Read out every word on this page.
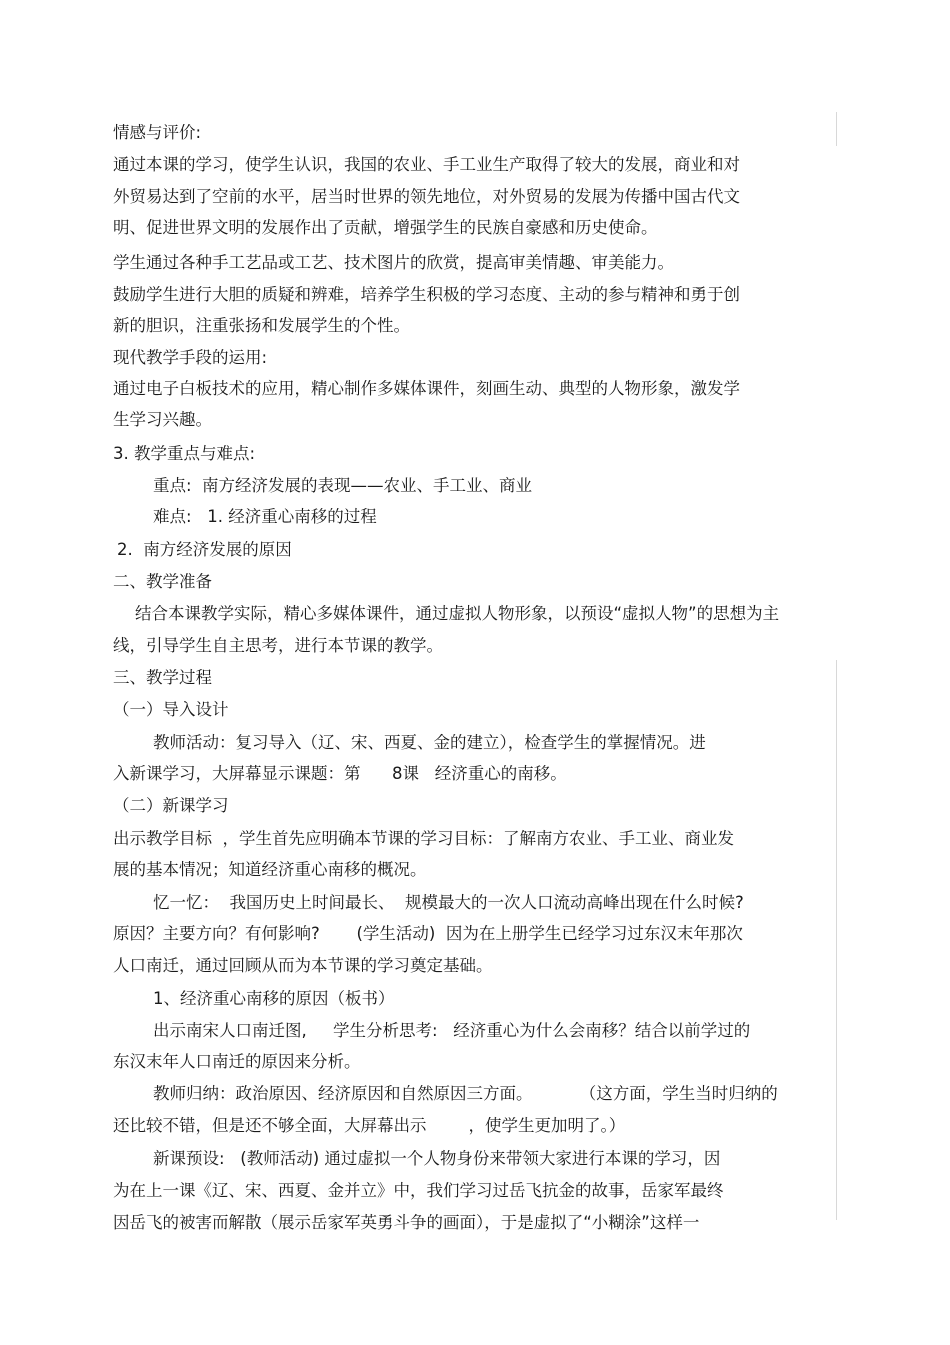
情感与评价:
通过本课的学习，使学生认识，我国的农业、手工业生产取得了较大的发展，商业和对
外贸易达到了空前的水平，居当时世界的领先地位，对外贸易的发展为传播中国古代文
明、促进世界文明的发展作出了贡献，增强学生的民族自豪感和历史使命。
学生通过各种手工艺品或工艺、技术图片的欣赏，提高审美情趣、审美能力。
鼓励学生进行大胆的质疑和辨难，培养学生积极的学习态度、主动的参与精神和勇于创
新的胆识，注重张扬和发展学生的个性。
现代教学手段的运用:
通过电子白板技术的应用，精心制作多媒体课件，刻画生动、典型的人物形象，激发学
生学习兴趣。
3. 教学重点与难点:
重点:  南方经济发展的表现——农业、手工业、商业
难点:   1. 经济重心南移的过程
2.  南方经济发展的原因
二、教学准备
结合本课教学实际，精心多媒体课件，通过虚拟人物形象，以预设“虚拟人物”的思想为主
线，引导学生自主思考，进行本节课的教学。
三、教学过程
（一）导入设计
教师活动：复习导入（辽、宋、西夏、金的建立），检查学生的掌握情况。进
入新课学习，大屏幕显示课题：第      8课   经济重心的南移。
（二）新课学习
出示教学目标  ，学生首先应明确本节课的学习目标：了解南方农业、手工业、商业发
展的基本情况；知道经济重心南移的概况。
忆一忆：  我国历史上时间最长、  规模最大的一次人口流动高峰出现在什么时候?
原因？主要方向？有何影响?       (学生活动)  因为在上册学生已经学习过东汉末年那次
人口南迁，通过回顾从而为本节课的学习奠定基础。
1、经济重心南移的原因（板书）
出示南宋人口南迁图,     学生分析思考:   经济重心为什么会南移？结合以前学过的
东汉末年人口南迁的原因来分析。
教师归纳：政治原因、经济原因和自然原因三方面。         （这方面，学生当时归纳的
还比较不错，但是还不够全面，大屏幕出示        ，使学生更加明了。）
新课预设:   (教师活动) 通过虚拟一个人物身份来带领大家进行本课的学习，因
为在上一课《辽、宋、西夏、金并立》中，我们学习过岳飞抗金的故事，岳家军最终
因岳飞的被害而解散（展示岳家军英勇斗争的画面），于是虚拟了“小糊涂”这样一
